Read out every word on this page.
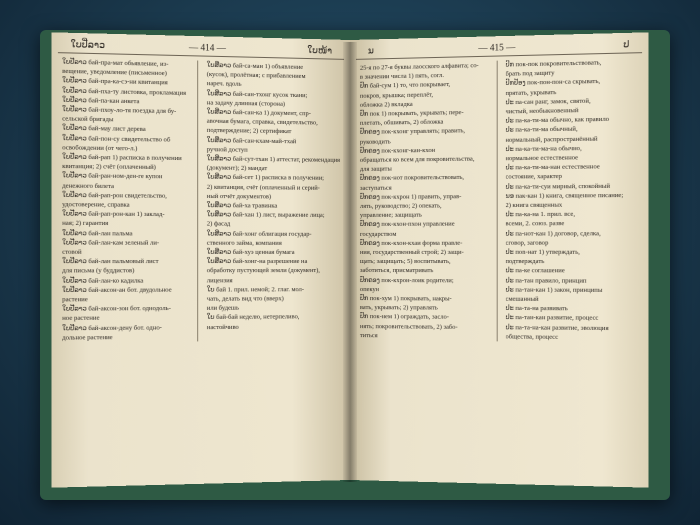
ໃບປີ່ລາວ	— 414 —	ໃບໜ້າ

ໃບປີ່ລາວ бай-пра-мат обьявление, из-

вещение, уведомление (письменное)

ໃບປີ່ລາວ бай-пра-ка-сэ-ни квитанция

ໃບປີ່ລາວ бай-пха-ту листовка, прокламация

ໃບປີ່ລາວ бай-па-кан анкета

ໃບປີ່ລາວ бай-пхоу-ло-тя поездка для бу-

сельской бригады

ໃບປີ່ລາວ бай-мау лист дерева

ໃບປີ່ລາວ бай-пон-су свидетельство об

освобождении (от чего-л.)

ໃບປີ່ລາວ бай-рап 1) расписка в получении

квитанция; 2) счёт (оплаченный)

ໃບປີ່ລາວ бай-ран-ном-ден-ге купон

денежного билета

ໃບປີ່ລາວ бай-рап-рон свидетельство,

удостоверение, справка

ໃບປີ່ລາວ бай-рап-рон-кан 1) заклад-

ная; 2) гарантия

ໃບປີ່ລາວ бай-лан пальма

ໃບປີ່ລາວ бай-лан-кам зеленый ли-

стовой

ໃບປີ່ລາວ бай-лан пальмовый лист

для письма (у буддистов)

ໃບປີ່ລາວ бай-лан-ко кадилка

ໃບປີ່ລາວ бай-аксон-ан бот. двудольное

растение

ໃບປີ່ລາວ бай-аксон-зон бот. однодоль-

ное растение

ໃບປີ່ລາວ бай-аксон-дену бот. одно-

дольное растение

ໃບສີລາວ бай-са-ман 1) объявление

(кусок), пролётная; с прибавлением

нареч. вдоль

ໃບສີລາວ бай-сан-тхонг кусок ткани;

на задачу длинная (сторона)

ໃບສີລາວ бай-сан-ка 1) документ, спр-

авочная бумага, справка, свидетельство,

подтверждение; 2) сертификат

ໃບສີລາວ бай-сан-кхам-май-тхай

ручной доступ

ໃບສີລາວ бай-сут-тхан 1) аттестат, рекомендация

(документ); 2) мандат

ໃບສີລາວ бай-сет 1) расписка в получении;

2) квитанция, счёт (оплаченный и серий-

ный отчёт документов)

ໃບສີລາວ бай-ха травинка

ໃບສີລາວ бай-хан 1) лист, выражение лица;

2) фасад

ໃບສີລາວ бай-хонг облигация государ-

ственного займа, компания

ໃບສີລາວ бай-хуэ ценная бумага

ໃບສີລາວ бай-хонг-на разрешение на

обработку пустующей земли (документ),

лицензия

ໃບ бай 1. прил. немой; 2. глаг. мол-

чать, делать вид что (вверх)

или будешь

ໃບ бай-бай неделю, нетерпеливо,

настойчиво

ນ	— 415 —	ປ

25-я по 27-я буквы лаосского алфавита; со-

в значении числа 1) пять, согл.

ປົກ бай-сум 1) то, что покрывает,

покров, крышка; переплёт,

обложка 2) вкладка

ປົກ пок 1) покрывать, укрывать; пере-

плетать, обшивать, 2) обложка

ປົກຄອງ пок-кхонг управлять; править,

руководить

ປົກຄອງ пок-кхонг-кан-кхон

обращаться ко всем для покровительства,

для защиты

ປົກຄອງ пок-нот покровительствовать,

заступаться

ປົກຄອງ пок-кхрон 1) править, управ-

лять, руководство; 2) опекать,

управление; защищать

ປົກຄອງ пок-кхон-пхон управление

государством

ປົກຄອງ пок-кхон-кхаи форма правле-

ния, государственный строй; 2) защи-

щать; защищать; 5) воспитывать,

заботиться, присматривать

ປົກຄອງ пок-кхрон-лоик родители;

опекун

ປົກ пок-хум 1) покрывать, накры-

вать, укрывать; 2) управлять

ປົກ пок-нем 1) ограждать, засло-

нять; покровительствовать, 2) забо-

титься

ປົກ пок-пок покровительствовать,

брать под защиту

ປົກປ້ອງ пок-пон-пон-са скрывать,

прятать, укрывать

ປະ па-сан ранг, замок, святой,

чистый, необыкновенный

ປະ па-ка-ти-ма обычно, как правило

ປະ па-ка-ти-ма обычный,

нормальный, распространённый

ປະ па-ка-ти-ма-на обычно,

нормальное естественное

ປະ па-ка-ти-ма-нан естественное

состояние, характер

ປະ па-ка-ти-суи мирный, спокойный

ນອ пак-кан 1) книга, священное писание;

2) книга священных

ປະ па-ка-на 1. прил. все,

всеми, 2. союз. разве

ປະ па-нот-кан 1) договор, сделка,

сговор, заговор

ປະ поn-нат 1) утверждать,

подтверждать

ປະ па-ке соглашение

ປະ па-тан правило, принцип

ປະ па-тан-кан 1) закон, принципы

смешанный

ປະ па-та-на развивать

ປະ па-тан-кан развитие, процесс

ປະ па-та-на-кан развитие, эволюция

общества, процесс
